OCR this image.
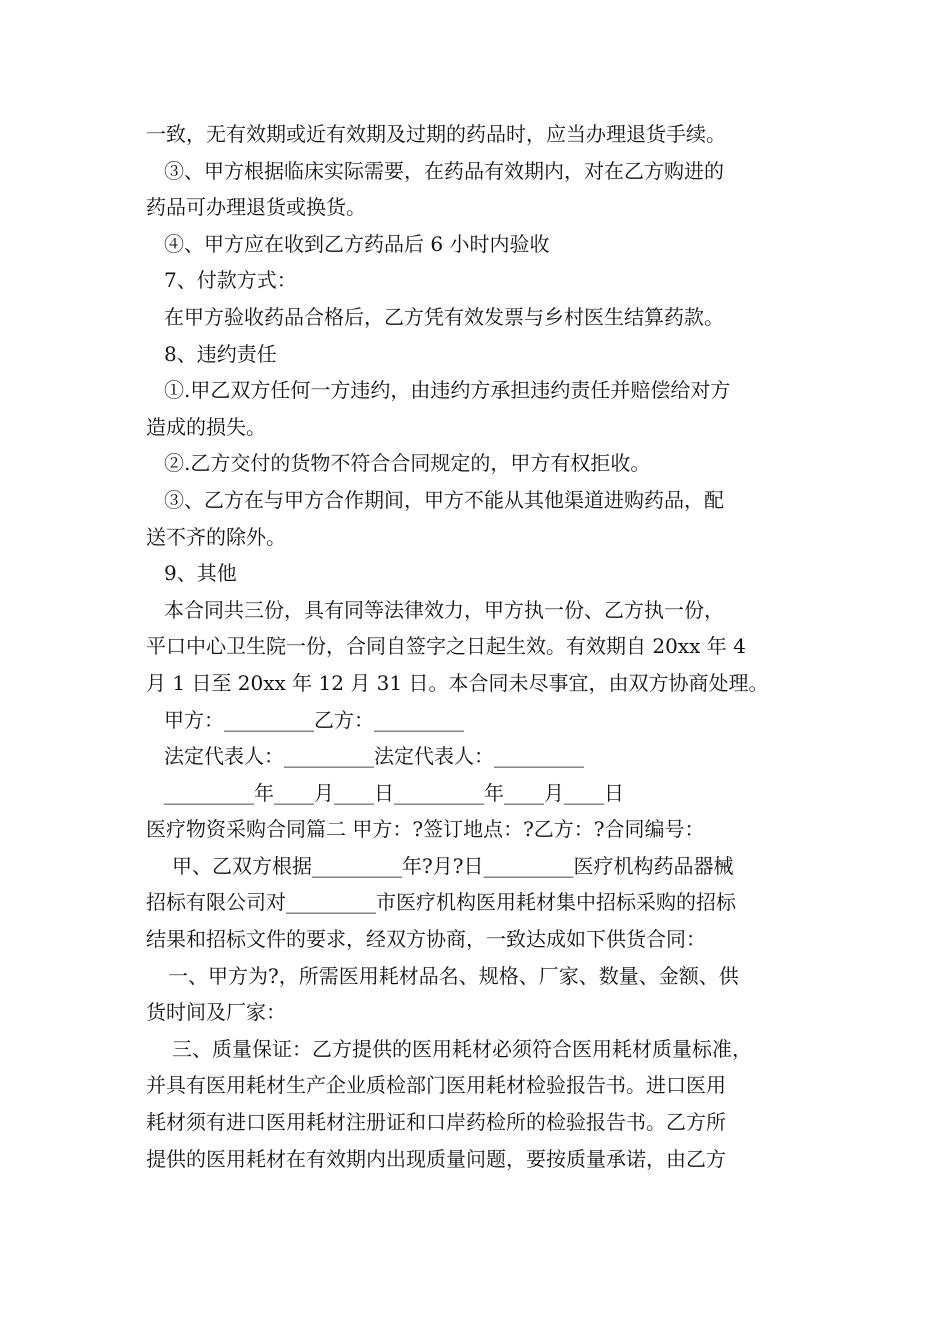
一致，无有效期或近有效期及过期的药品时，应当办理退货手续。
③、甲方根据临床实际需要，在药品有效期内，对在乙方购进的
药品可办理退货或换货。
④、甲方应在收到乙方药品后 6 小时内验收
7、付款方式：
在甲方验收药品合格后，乙方凭有效发票与乡村医生结算药款。
8、违约责任
①.甲乙双方任何一方违约，由违约方承担违约责任并赔偿给对方
造成的损失。
②.乙方交付的货物不符合合同规定的，甲方有权拒收。
③、乙方在与甲方合作期间，甲方不能从其他渠道进购药品，配
送不齐的除外。
9、其他
本合同共三份，具有同等法律效力，甲方执一份、乙方执一份，
平口中心卫生院一份，合同自签字之日起生效。有效期自 20xx 年 4
月 1 日至 20xx 年 12 月 31 日。本合同未尽事宜，由双方协商处理。
甲方：_________乙方：_________
法定代表人：_________法定代表人：_________
_________年____月____日_________年____月____日
医疗物资采购合同篇二 甲方：?签订地点：?乙方：?合同编号：
甲、乙双方根据_________年?月?日_________医疗机构药品器械
招标有限公司对_________市医疗机构医用耗材集中招标采购的招标
结果和招标文件的要求，经双方协商，一致达成如下供货合同：
一、甲方为?，所需医用耗材品名、规格、厂家、数量、金额、供
货时间及厂家：
三、质量保证：乙方提供的医用耗材必须符合医用耗材质量标准，
并具有医用耗材生产企业质检部门医用耗材检验报告书。进口医用
耗材须有进口医用耗材注册证和口岸药检所的检验报告书。乙方所
提供的医用耗材在有效期内出现质量问题，要按质量承诺，由乙方
